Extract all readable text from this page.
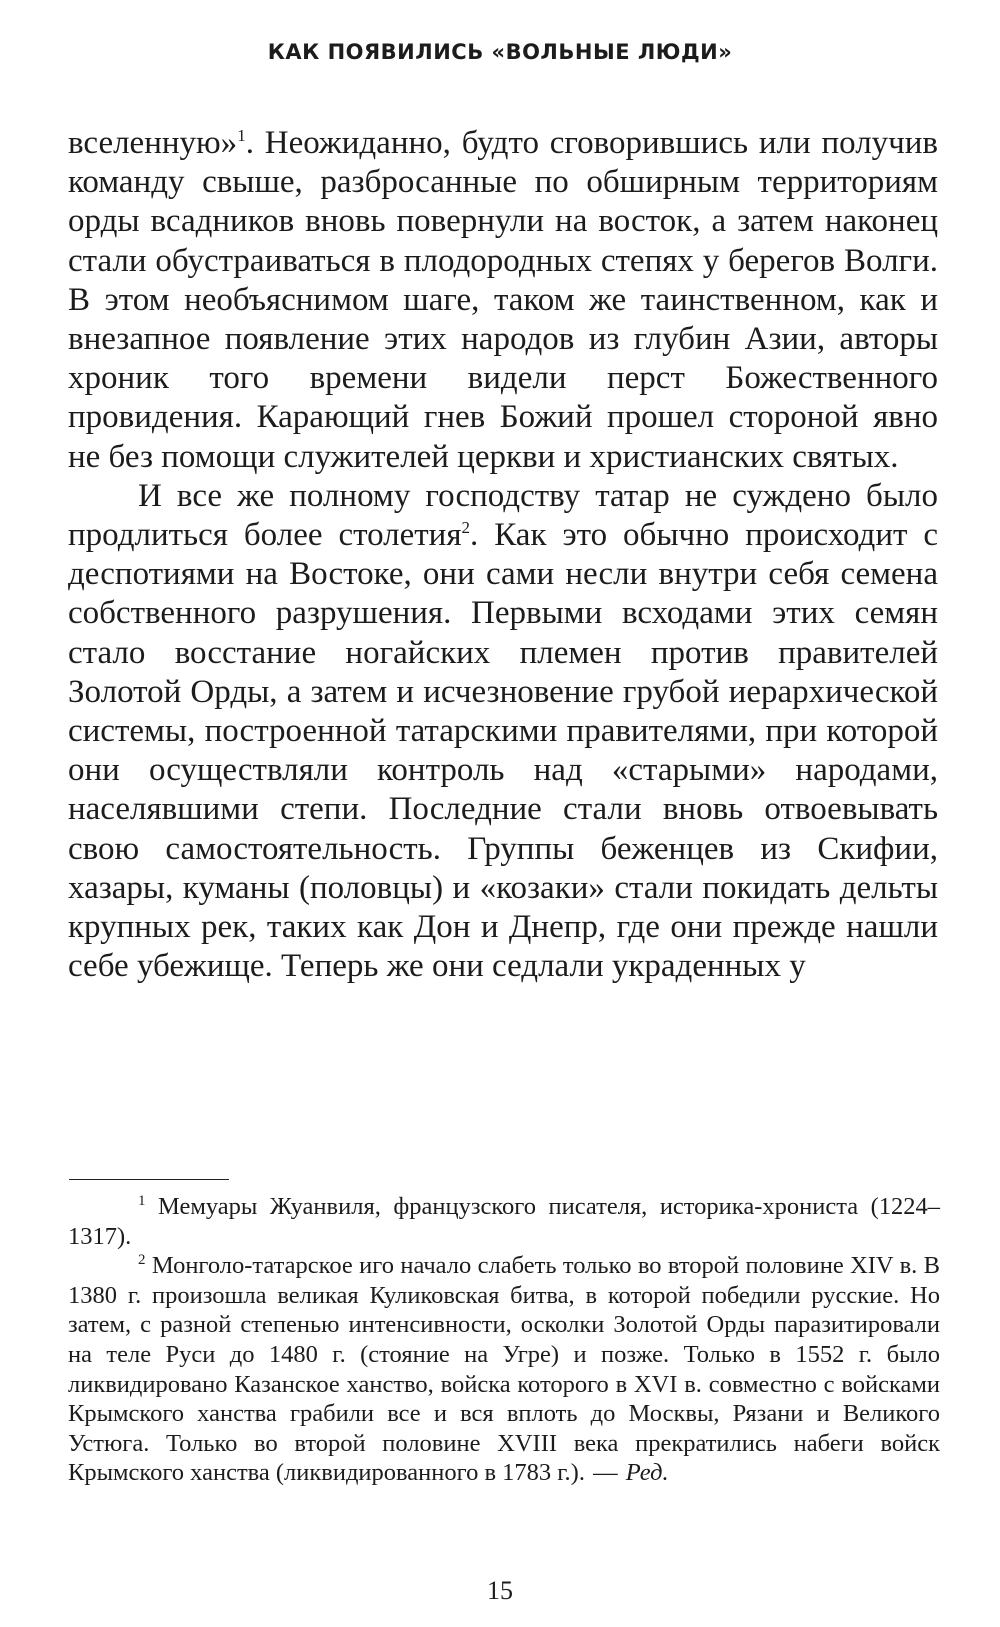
КАК ПОЯВИЛИСЬ «ВОЛЬНЫЕ ЛЮДИ»

вселенную»$^1$. Неожиданно, будто сговорившись или получив команду свыше, разбросанные по обширным территориям орды всадников вновь повернули на восток, а затем наконец стали обустраиваться в плодородных степях у берегов Волги. В этом необъяснимом шаге, таком же таинственном, как и внезапное появление этих народов из глубин Азии, авторы хроник того времени видели перст Божественного провидения. Карающий гнев Божий прошел стороной явно не без помощи служителей церкви и христианских святых.

И все же полному господству татар не суждено было продлиться более столетия$^2$. Как это обычно происходит с деспотиями на Востоке, они сами несли внутри себя семена собственного разрушения. Первыми всходами этих семян стало восстание ногайских племен против правителей Золотой Орды, а затем и исчезновение грубой иерархической системы, построенной татарскими правителями, при которой они осуществляли контроль над «старыми» народами, населявшими степи. Последние стали вновь отвоевывать свою самостоятельность. Группы беженцев из Скифии, хазары, куманы (половцы) и «козаки» стали покидать дельты крупных рек, таких как Дон и Днепр, где они прежде нашли себе убежище. Теперь же они седлали украденных у

$^1$ Мемуары Жуанвиля, французского писателя, историка-хрониста (1224–1317).

$^2$ Монголо-татарское иго начало слабеть только во второй половине XIV в. В 1380 г. произошла великая Куликовская битва, в которой победили русские. Но затем, с разной степенью интенсивности, осколки Золотой Орды паразитировали на теле Руси до 1480 г. (стояние на Угре) и позже. Только в 1552 г. было ликвидировано Казанское ханство, войска которого в XVI в. совместно с войсками Крымского ханства грабили все и вся вплоть до Москвы, Рязани и Великого Устюга. Только во второй половине XVIII века прекратились набеги войск Крымского ханства (ликвидированного в 1783 г.). — Ред.

15
